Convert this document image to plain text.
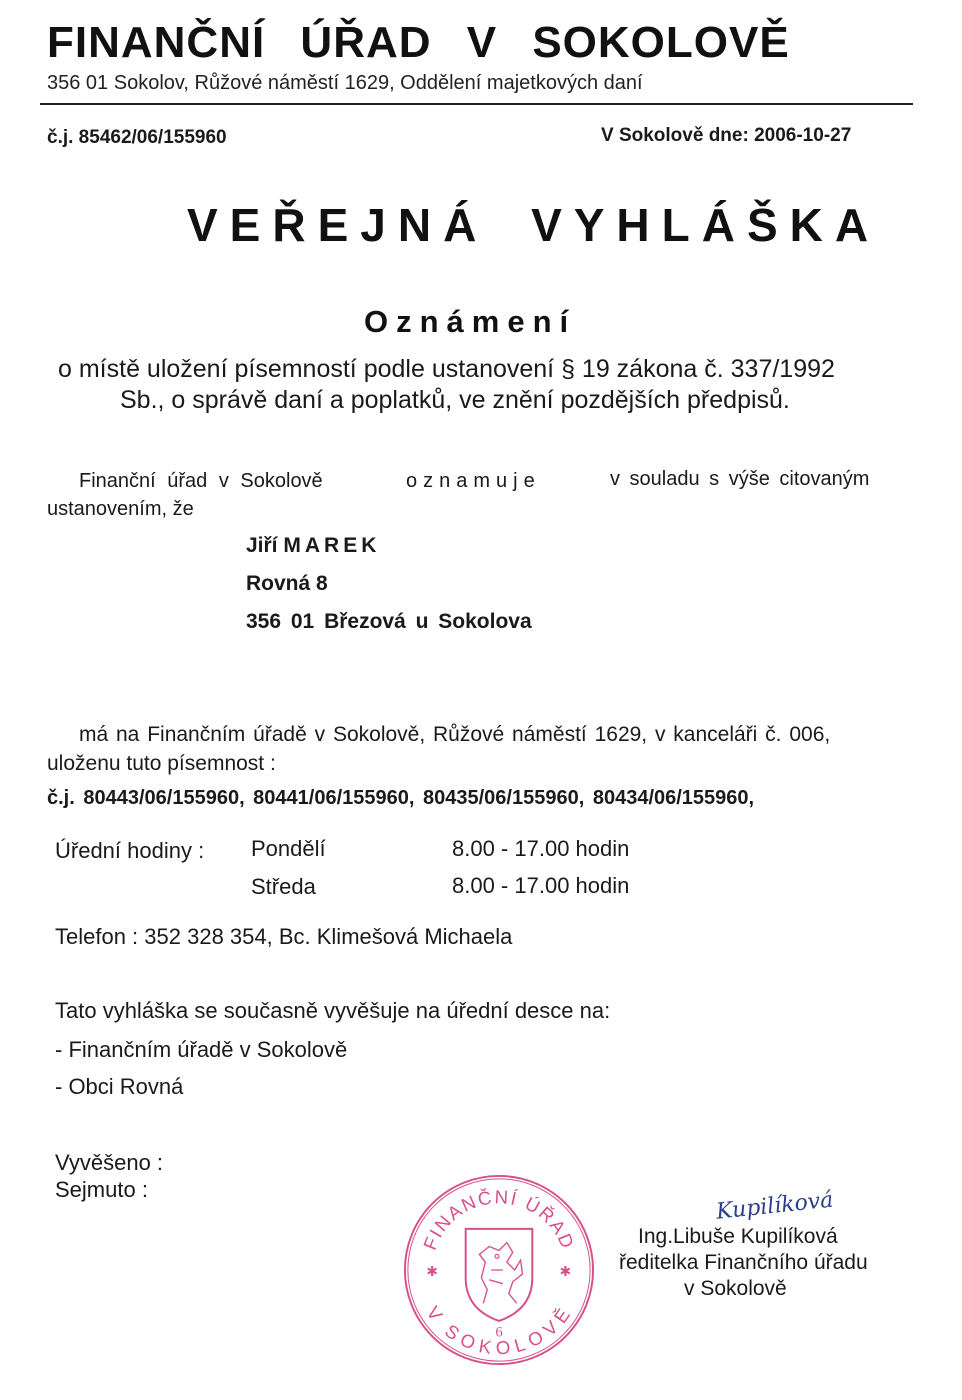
FINANČNÍ ÚŘAD V SOKOLOVĚ
356 01 Sokolov, Růžové náměstí 1629, Oddělení majetkových daní
č.j. 85462/06/155960	V Sokolově dne: 2006-10-27
VEŘEJNÁ VYHLÁŠKA
Oznámení
o místě uložení písemností podle ustanovení § 19 zákona č. 337/1992
Sb., o správě daní a poplatků, ve znění pozdějších předpisů.
Finanční úřad v Sokolově	oznamuje	v souladu s výše citovaným
ustanovením, že
Jiří MAREK
Rovná 8
356 01 Březová u Sokolova
má na Finančním úřadě v Sokolově, Růžové náměstí 1629, v kanceláři č. 006,
uloženu tuto písemnost :
č.j. 80443/06/155960, 80441/06/155960, 80435/06/155960, 80434/06/155960,
Úřední hodiny : Pondělí	8.00 - 17.00 hodin
Středa	8.00 - 17.00 hodin
Telefon : 352 328 354, Bc. Klimešová Michaela
Tato vyhláška se současně vyvěšuje na úřední desce na:
- Finančním úřadě v Sokolově
- Obci Rovná
Vyvěšeno :
Sejmuto :
FINANČNÍ ÚŘAD
V SOKOLOVĚ
✱	✱
6
Kupilíková
Ing.Libuše Kupilíková
ředitelka Finančního úřadu
v Sokolově
